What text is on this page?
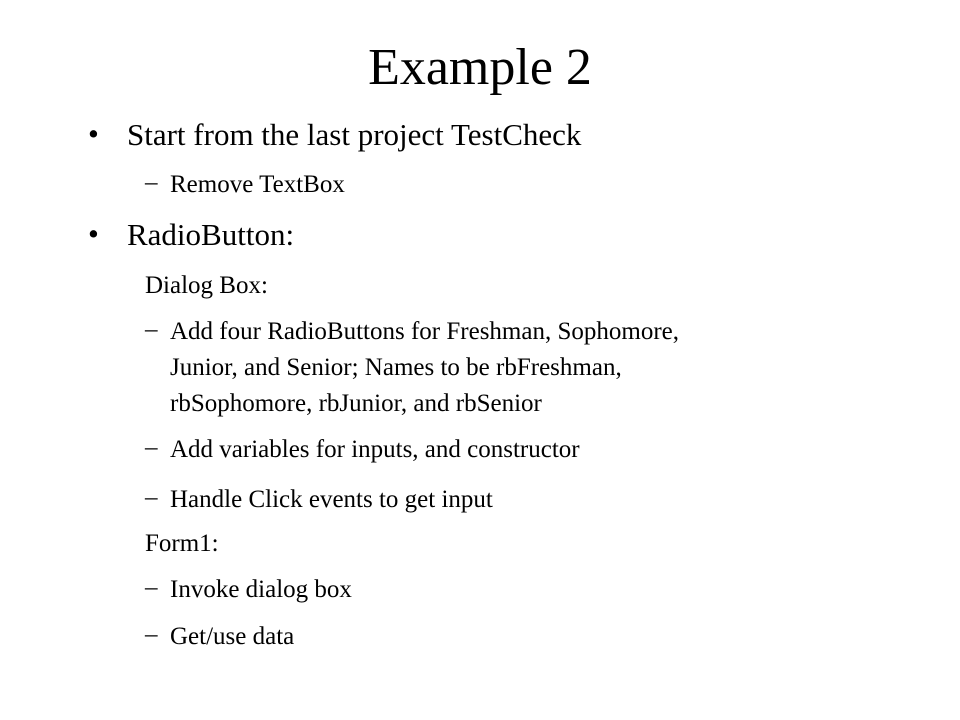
Example 2
• Start from the last project TestCheck
– Remove TextBox
• RadioButton:
Dialog Box:
– Add four RadioButtons for Freshman, Sophomore,
Junior, and Senior; Names to be rbFreshman,
rbSophomore, rbJunior, and rbSenior
– Add variables for inputs, and constructor
– Handle Click events to get input
Form1:
– Invoke dialog box
– Get/use data
